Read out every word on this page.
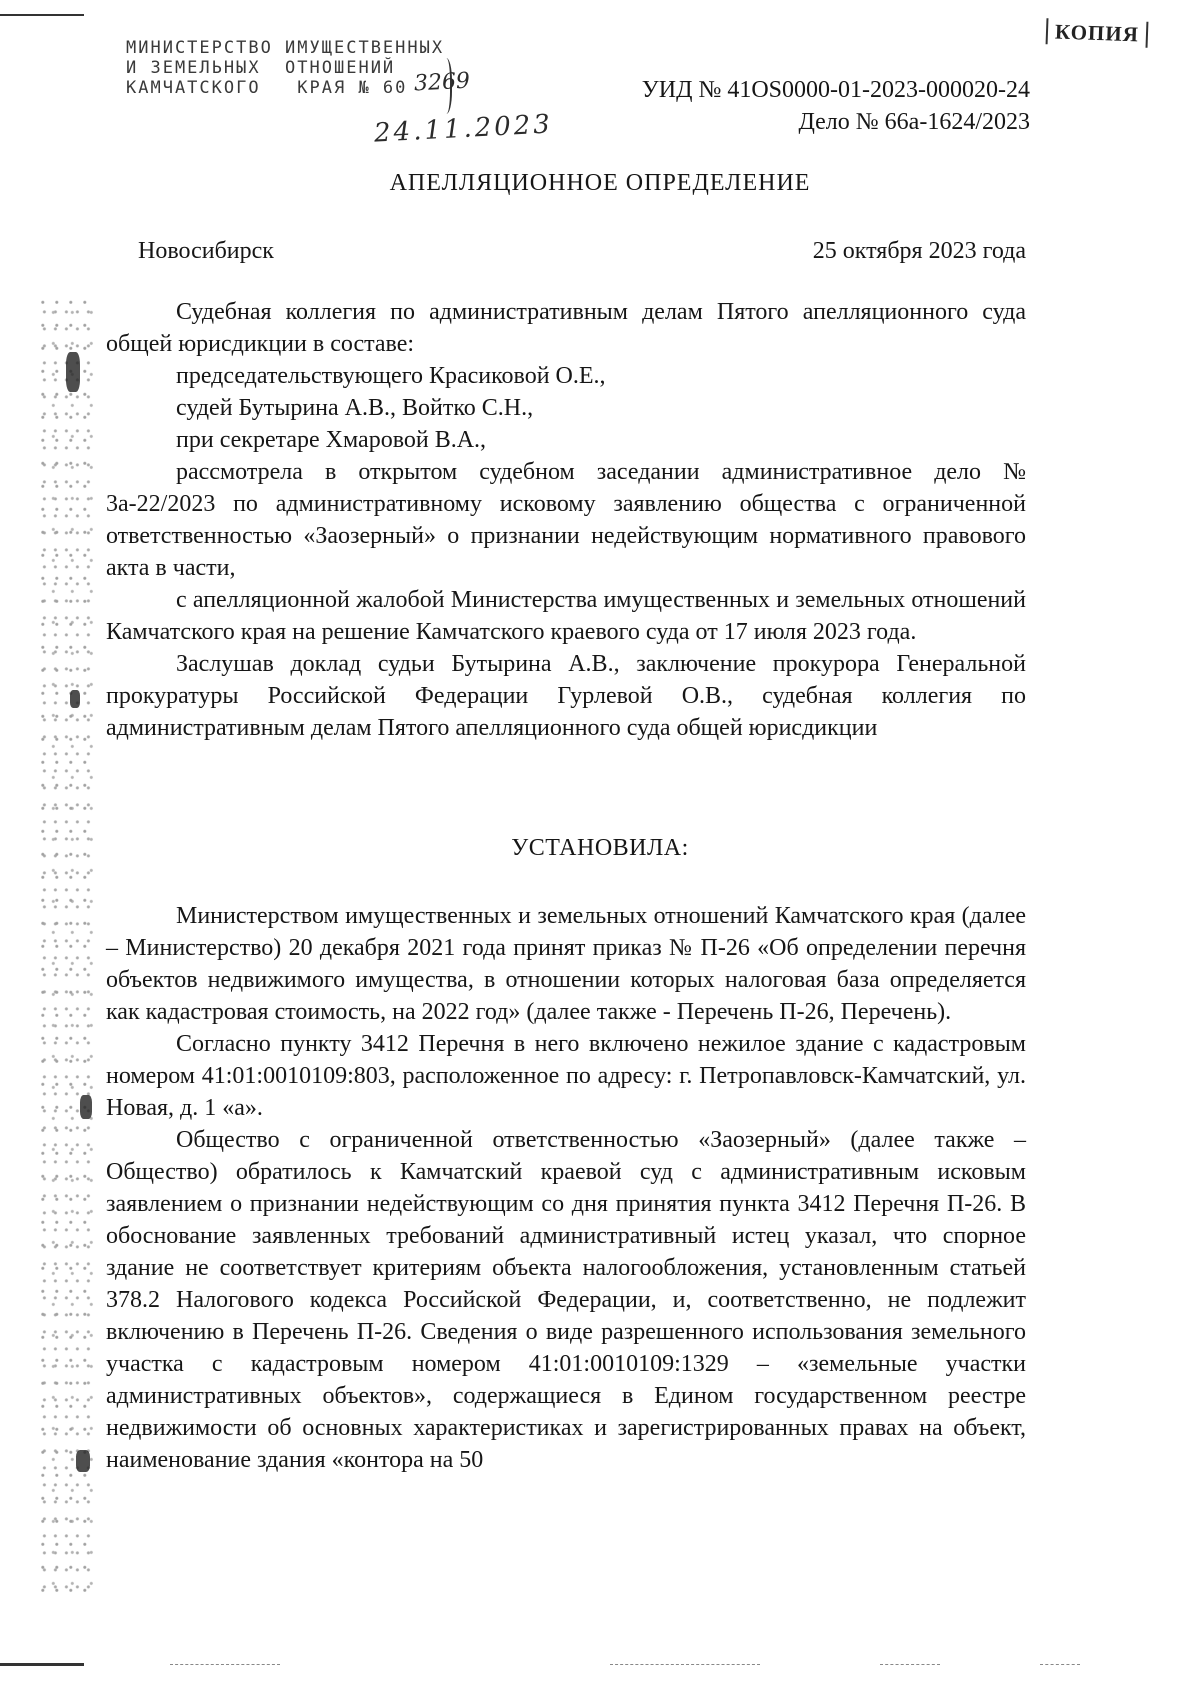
КОПИЯ
МИНИСТЕРСТВО ИМУЩЕСТВЕННЫХ
И ЗЕМЕЛЬНЫХ  ОТНОШЕНИЙ
КАМЧАТСКОГО   КРАЯ № 60 3269
24.11.2023
УИД № 41OS0000-01-2023-000020-24
Дело № 66а-1624/2023
АПЕЛЛЯЦИОННОЕ ОПРЕДЕЛЕНИЕ
Новосибирск	25 октября 2023 года

Судебная коллегия по административным делам Пятого апелляционного суда общей юрисдикции в составе:

председательствующего Красиковой О.Е.,

судей Бутырина А.В., Войтко С.Н.,

при секретаре Хмаровой В.А.,

рассмотрела в открытом судебном заседании административное дело № 3а-22/2023 по административному исковому заявлению общества с ограниченной ответственностью «Заозерный» о признании недействующим нормативного правового акта в части,

с апелляционной жалобой Министерства имущественных и земельных отношений Камчатского края на решение Камчатского краевого суда от 17 июля 2023 года.

Заслушав доклад судьи Бутырина А.В., заключение прокурора Генеральной прокуратуры Российской Федерации Гурлевой О.В., судебная коллегия по административным делам Пятого апелляционного суда общей юрисдикции

УСТАНОВИЛА:

Министерством имущественных и земельных отношений Камчатского края (далее – Министерство) 20 декабря 2021 года принят приказ № П-26 «Об определении перечня объектов недвижимого имущества, в отношении которых налоговая база определяется как кадастровая стоимость, на 2022 год» (далее также - Перечень П-26, Перечень).

Согласно пункту 3412 Перечня в него включено нежилое здание с кадастровым номером 41:01:0010109:803, расположенное по адресу: г. Петропавловск-Камчатский, ул. Новая, д. 1 «а».

Общество с ограниченной ответственностью «Заозерный» (далее также – Общество) обратилось к Камчатский краевой суд с административным исковым заявлением о признании недействующим со дня принятия пункта 3412 Перечня П-26. В обоснование заявленных требований административный истец указал, что спорное здание не соответствует критериям объекта налогообложения, установленным статьей 378.2 Налогового кодекса Российской Федерации, и, соответственно, не подлежит включению в Перечень П-26. Сведения о виде разрешенного использования земельного участка с кадастровым номером 41:01:0010109:1329 – «земельные участки административных объектов», содержащиеся в Едином государственном реестре недвижимости об основных характеристиках и зарегистрированных правах на объект, наименование здания «контора на 50
